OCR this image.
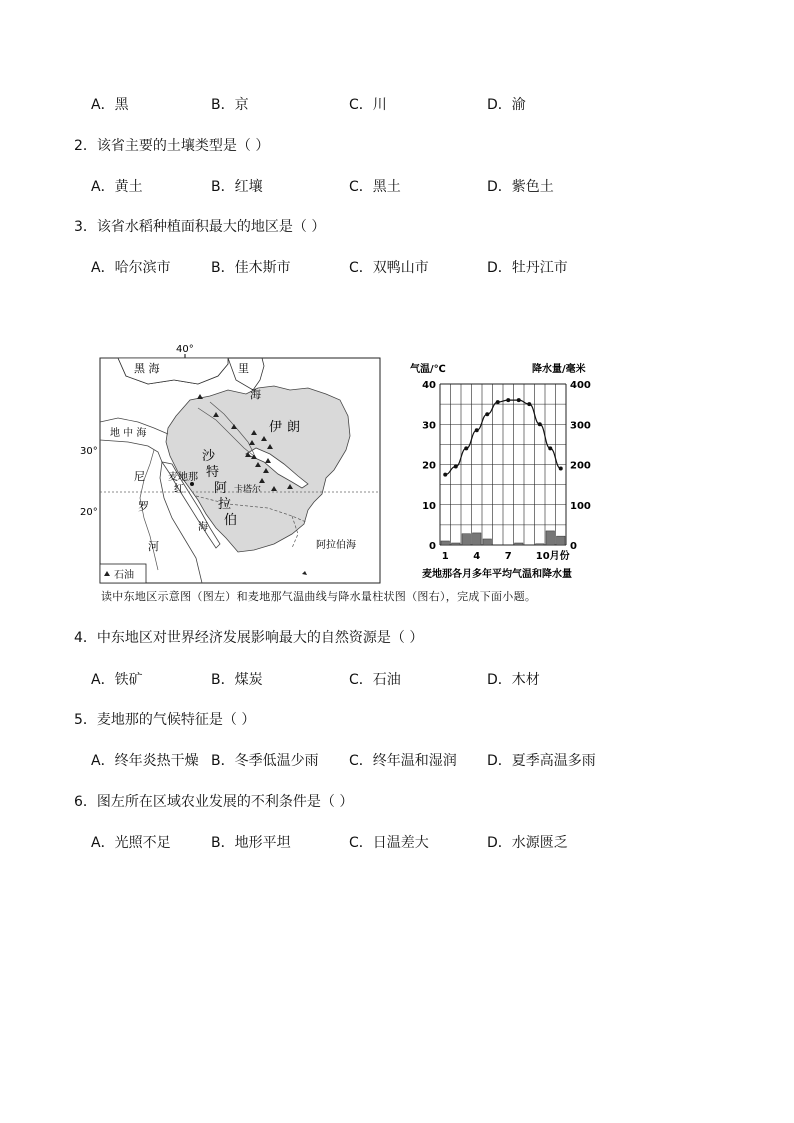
A．黑	B．京	C．川	D．渝
2．该省主要的土壤类型是（ ）
A．黄土	B．红壤	C．黑土	D．紫色土
3．该省水稻种植面积最大的地区是（ ）
A．哈尔滨市	B．佳木斯市	C．双鸭山市	D．牡丹江市
40°
30°
20°
黑 海	里
海
地 中 海	伊 朗
沙
特
阿
拉
伯
尼
罗
河
麦地那
红
海
卡塔尔
阿拉伯海
石油
气温/℃	降水量/毫米
0
10
20
30
40
0
100
200
300
400
1 4 7 10月份
麦地那各月多年平均气温和降水量
读中东地区示意图（图左）和麦地那气温曲线与降水量柱状图（图右），完成下面小题。
4．中东地区对世界经济发展影响最大的自然资源是（ ）
A．铁矿	B．煤炭	C．石油	D．木材
5．麦地那的气候特征是（ ）
A．终年炎热干燥 B．冬季低温少雨 C．终年温和湿润 D．夏季高温多雨
6．图左所在区域农业发展的不利条件是（ ）
A．光照不足	B．地形平坦	C．日温差大	D．水源匮乏
